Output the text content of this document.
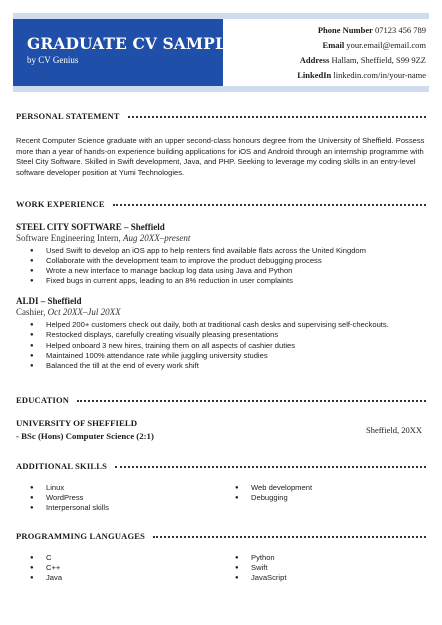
GRADUATE CV SAMPLE
by CV Genius
Phone Number 07123 456 789
Email your.email@email.com
Address Hallam, Sheffield, S99 9ZZ
LinkedIn linkedin.com/in/your-name
PERSONAL STATEMENT

Recent Computer Science graduate with an upper second-class honours degree from the University of Sheffield. Possess more than a year of hands-on experience building applications for iOS and Android through an internship programme with Steel City Software. Skilled in Swift development, Java, and PHP. Seeking to leverage my coding skills in an entry-level software developer position at Yumi Technologies.

WORK EXPERIENCE
STEEL CITY SOFTWARE – Sheffield
Software Engineering Intern, Aug 20XX–present
● Used Swift to develop an iOS app to help renters find available flats across the United Kingdom
● Collaborate with the development team to improve the product debugging process
● Wrote a new interface to manage backup log data using Java and Python
● Fixed bugs in current apps, leading to an 8% reduction in user complaints
ALDI – Sheffield
Cashier, Oct 20XX–Jul 20XX
● Helped 200+ customers check out daily, both at traditional cash desks and supervising self-checkouts.
● Restocked displays, carefully creating visually pleasing presentations
● Helped onboard 3 new hires, training them on all aspects of cashier duties
● Maintained 100% attendance rate while juggling university studies
● Balanced the till at the end of every work shift
EDUCATION
UNIVERSITY OF SHEFFIELD
- BSc (Hons) Computer Science (2:1)
Sheffield, 20XX
ADDITIONAL SKILLS
● Linux
● WordPress
● Interpersonal skills
● Web development
● Debugging
PROGRAMMING LANGUAGES
● C
● C++
● Java
● Python
● Swift
● JavaScript
